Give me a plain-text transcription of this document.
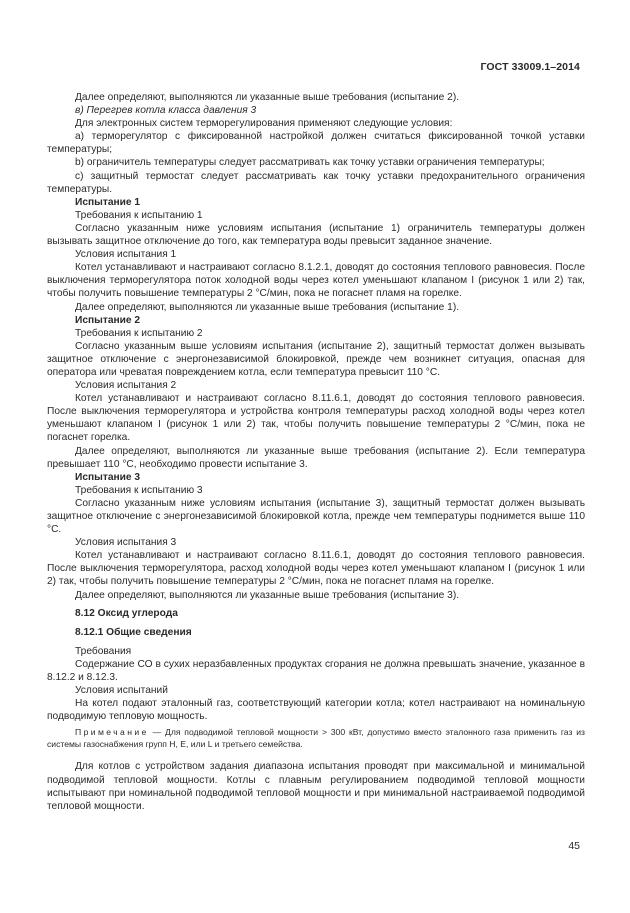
ГОСТ 33009.1–2014

Далее определяют, выполняются ли указанные выше требования (испытание 2).

в) Перегрев котла класса давления 3

Для электронных систем терморегулирования применяют следующие условия:

а) терморегулятор с фиксированной настройкой должен считаться фиксированной точкой уставки температуры;

b) ограничитель температуры следует рассматривать как точку уставки ограничения температуры;

с) защитный термостат следует рассматривать как точку уставки предохранительного ограничения температуры.

Испытание 1

Требования к испытанию 1

Согласно указанным ниже условиям испытания (испытание 1) ограничитель температуры должен вызывать защитное отключение до того, как температура воды превысит заданное значение.

Условия испытания 1

Котел устанавливают и настраивают согласно 8.1.2.1, доводят до состояния теплового равновесия. После выключения терморегулятора поток холодной воды через котел уменьшают клапаном I (рисунок 1 или 2) так, чтобы получить повышение температуры 2 °С/мин, пока не погаснет пламя на горелке.

Далее определяют, выполняются ли указанные выше требования (испытание 1).

Испытание 2

Требования к испытанию 2

Согласно указанным выше условиям испытания (испытание 2), защитный термостат должен вызывать защитное отключение с энергонезависимой блокировкой, прежде чем возникнет ситуация, опасная для оператора или чреватая повреждением котла, если температура превысит 110 °С.

Условия испытания 2

Котел устанавливают и настраивают согласно 8.11.6.1, доводят до состояния теплового равновесия. После выключения терморегулятора и устройства контроля температуры расход холодной воды через котел уменьшают клапаном I (рисунок 1 или 2) так, чтобы получить повышение температуры 2 °С/мин, пока не погаснет горелка.

Далее определяют, выполняются ли указанные выше требования (испытание 2). Если температура превышает 110 °С, необходимо провести испытание 3.

Испытание 3

Требования к испытанию 3

Согласно указанным ниже условиям испытания (испытание 3), защитный термостат должен вызывать защитное отключение с энергонезависимой блокировкой котла, прежде чем температуры поднимется выше 110 °С.

Условия испытания 3

Котел устанавливают и настраивают согласно 8.11.6.1, доводят до состояния теплового равновесия. После выключения терморегулятора, расход холодной воды через котел уменьшают клапаном I (рисунок 1 или 2) так, чтобы получить повышение температуры 2 °С/мин, пока не погаснет пламя на горелке.

Далее определяют, выполняются ли указанные выше требования (испытание 3).

8.12 Оксид углерода

8.12.1 Общие сведения

Требования

Содержание СО в сухих неразбавленных продуктах сгорания не должна превышать значение, указанное в 8.12.2 и 8.12.3.

Условия испытаний

На котел подают эталонный газ, соответствующий категории котла; котел настраивают на номинальную подводимую тепловую мощность.

Примечание — Для подводимой тепловой мощности > 300 кВт, допустимо вместо эталонного газа применить газ из системы газоснабжения групп Н, Е, или L и третьего семейства.

Для котлов с устройством задания диапазона испытания проводят при максимальной и минимальной подводимой тепловой мощности. Котлы с плавным регулированием подводимой тепловой мощности испытывают при номинальной подводимой тепловой мощности и при минимальной настраиваемой подводимой тепловой мощности.

45
